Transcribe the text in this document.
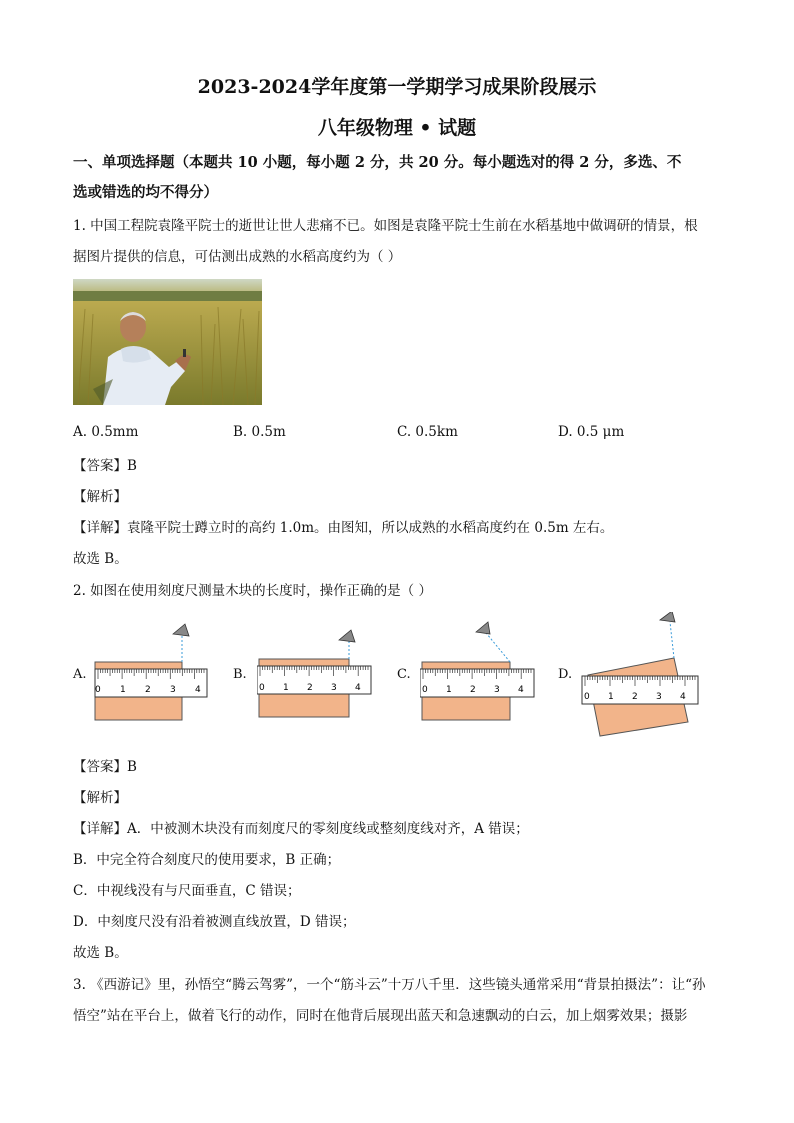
2023-2024学年度第一学期学习成果阶段展示
八年级物理 • 试题
一、单项选择题（本题共 10 小题，每小题 2 分，共 20 分。每小题选对的得 2 分，多选、不
选或错选的均不得分）
1. 中国工程院袁隆平院士的逝世让世人悲痛不已。如图是袁隆平院士生前在水稻基地中做调研的情景，根
据图片提供的信息，可估测出成熟的水稻高度约为（ ）
A. 0.5mm	B. 0.5m	C. 0.5km	D. 0.5 μm
【答案】B
【解析】
【详解】袁隆平院士蹲立时的高约 1.0m。由图知，所以成熟的水稻高度约在 0.5m 左右。
故选 B。
2. 如图在使用刻度尺测量木块的长度时，操作正确的是（ ）
A.
0 1 2 3 4
B.
0 1 2 3 4
C.
0 1 2 3 4
D.
0 1 2 3 4
【答案】B
【解析】
【详解】A．中被测木块没有而刻度尺的零刻度线或整刻度线对齐，A 错误；
B．中完全符合刻度尺的使用要求，B 正确；
C．中视线没有与尺面垂直，C 错误；
D．中刻度尺没有沿着被测直线放置，D 错误；
故选 B。
3. 《西游记》里，孙悟空“腾云驾雾”，一个“筋斗云”十万八千里．这些镜头通常采用“背景拍摄法”：让“孙
悟空”站在平台上，做着飞行的动作，同时在他背后展现出蓝天和急速飘动的白云，加上烟雾效果；摄影
